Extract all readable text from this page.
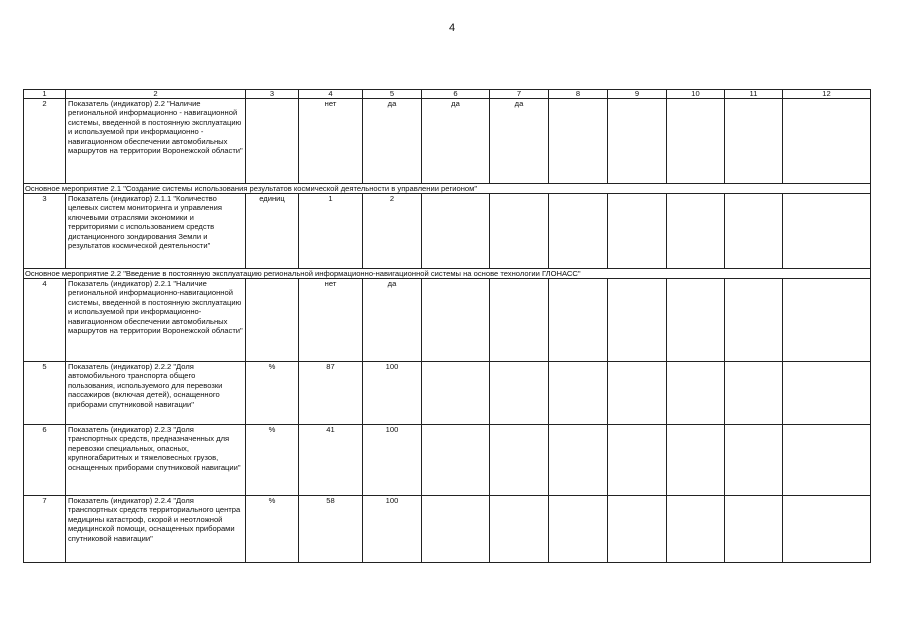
4
1	2	3	4	5	6	7	8	9	10	11	12
2	Показатель (индикатор) 2.2 "Наличие региональной информационно - навигационной системы, введенной в постоянную эксплуатацию и используемой при информационно - навигационном обеспечении автомобильных маршрутов на территории Воронежской области"		нет	да	да	да					
Основное мероприятие 2.1 "Создание системы использования результатов космической деятельности в управлении регионом"											
3	Показатель (индикатор) 2.1.1 "Количество целевых систем мониторинга и управления ключевыми отраслями экономики и территориями с использованием средств дистанционного зондирования Земли и результатов космической деятельности"	единиц	1	2							
Основное мероприятие 2.2 "Введение в постоянную эксплуатацию региональной информационно-навигационной системы на основе технологии ГЛОНАСС"											
4	Показатель (индикатор) 2.2.1 "Наличие региональной информационно-навигационной системы, введенной в постоянную эксплуатацию и используемой при информационно-навигационном обеспечении автомобильных маршрутов на территории Воронежской области"		нет	да							
5	Показатель (индикатор) 2.2.2 "Доля автомобильного транспорта общего пользования, используемого для перевозки пассажиров (включая детей), оснащенного приборами спутниковой навигации"	%	87	100							
6	Показатель (индикатор) 2.2.3 "Доля транспортных средств, предназначенных для перевозки специальных, опасных, крупногабаритных и тяжеловесных грузов, оснащенных приборами спутниковой навигации"	%	41	100							
7	Показатель (индикатор) 2.2.4 "Доля транспортных средств территориального центра медицины катастроф, скорой и неотложной медицинской помощи, оснащенных приборами спутниковой навигации"	%	58	100							
